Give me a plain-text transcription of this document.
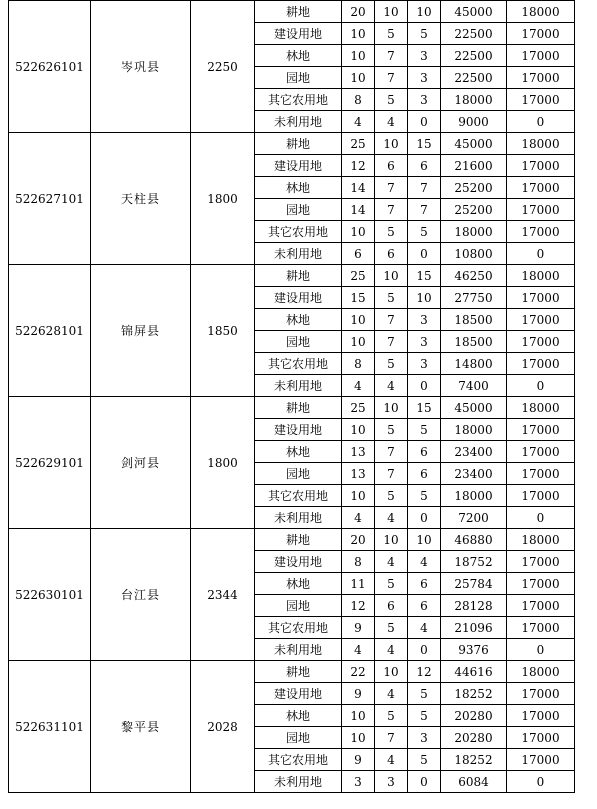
522626101	岑巩县	2250	耕地	20	10	10	45000	18000
			建设用地	10	5	5	22500	17000
			林地	10	7	3	22500	17000
			园地	10	7	3	22500	17000
			其它农用地	8	5	3	18000	17000
			未利用地	4	4	0	9000	0
522627101	天柱县	1800	耕地	25	10	15	45000	18000
			建设用地	12	6	6	21600	17000
			林地	14	7	7	25200	17000
			园地	14	7	7	25200	17000
			其它农用地	10	5	5	18000	17000
			未利用地	6	6	0	10800	0
522628101	锦屏县	1850	耕地	25	10	15	46250	18000
			建设用地	15	5	10	27750	17000
			林地	10	7	3	18500	17000
			园地	10	7	3	18500	17000
			其它农用地	8	5	3	14800	17000
			未利用地	4	4	0	7400	0
522629101	剑河县	1800	耕地	25	10	15	45000	18000
			建设用地	10	5	5	18000	17000
			林地	13	7	6	23400	17000
			园地	13	7	6	23400	17000
			其它农用地	10	5	5	18000	17000
			未利用地	4	4	0	7200	0
522630101	台江县	2344	耕地	20	10	10	46880	18000
			建设用地	8	4	4	18752	17000
			林地	11	5	6	25784	17000
			园地	12	6	6	28128	17000
			其它农用地	9	5	4	21096	17000
			未利用地	4	4	0	9376	0
522631101	黎平县	2028	耕地	22	10	12	44616	18000
			建设用地	9	4	5	18252	17000
			林地	10	5	5	20280	17000
			园地	10	7	3	20280	17000
			其它农用地	9	4	5	18252	17000
			未利用地	3	3	0	6084	0
